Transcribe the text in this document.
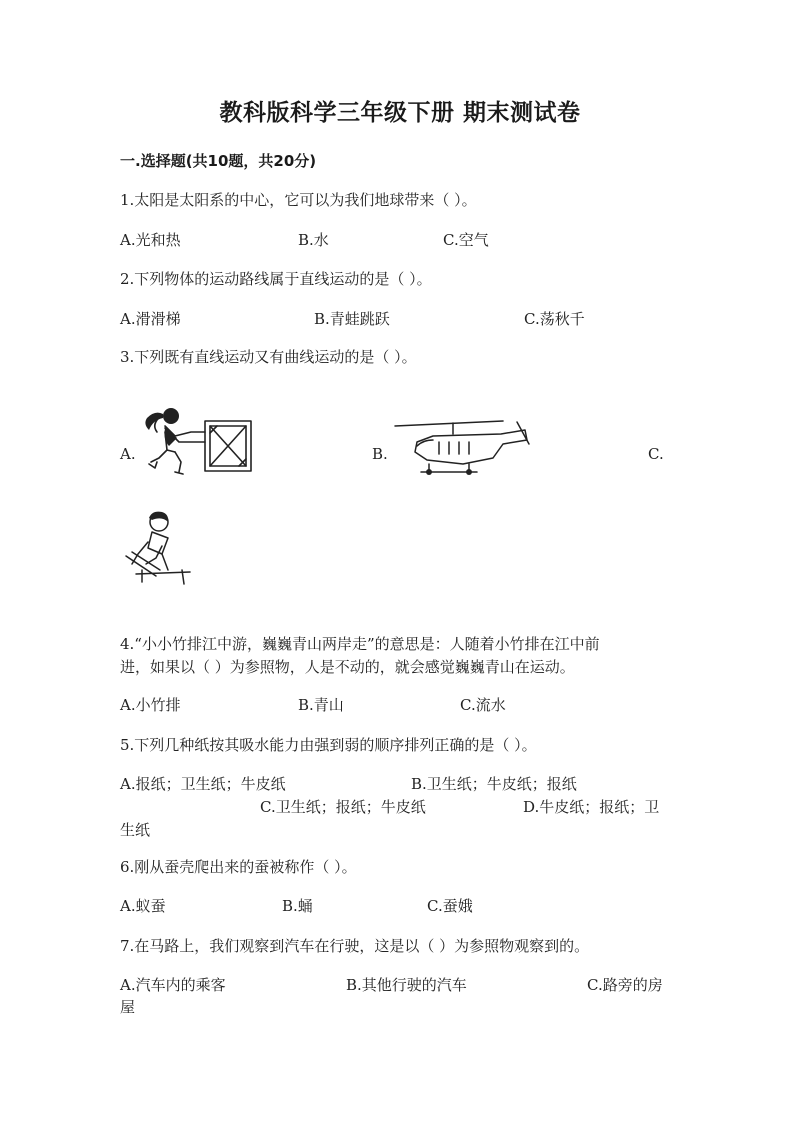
教科版科学三年级下册 期末测试卷
一.选择题(共10题，共20分)
1.太阳是太阳系的中心，它可以为我们地球带来（ ）。
A.光和热	B.水	C.空气
2.下列物体的运动路线属于直线运动的是（ ）。
A.滑滑梯	B.青蛙跳跃	C.荡秋千
3.下列既有直线运动又有曲线运动的是（ ）。
A.	B.	C.
4.“小小竹排江中游，巍巍青山两岸走”的意思是：人随着小竹排在江中前
进，如果以（ ）为参照物，人是不动的，就会感觉巍巍青山在运动。
A.小竹排	B.青山	C.流水
5.下列几种纸按其吸水能力由强到弱的顺序排列正确的是（ ）。
A.报纸；卫生纸；牛皮纸	B.卫生纸；牛皮纸；报纸
C.卫生纸；报纸；牛皮纸	D.牛皮纸；报纸；卫
生纸
6.刚从蚕壳爬出来的蚕被称作（ ）。
A.蚁蚕	B.蛹	C.蚕娥
7.在马路上，我们观察到汽车在行驶，这是以（ ）为参照物观察到的。
A.汽车内的乘客	B.其他行驶的汽车	C.路旁的房
屋
